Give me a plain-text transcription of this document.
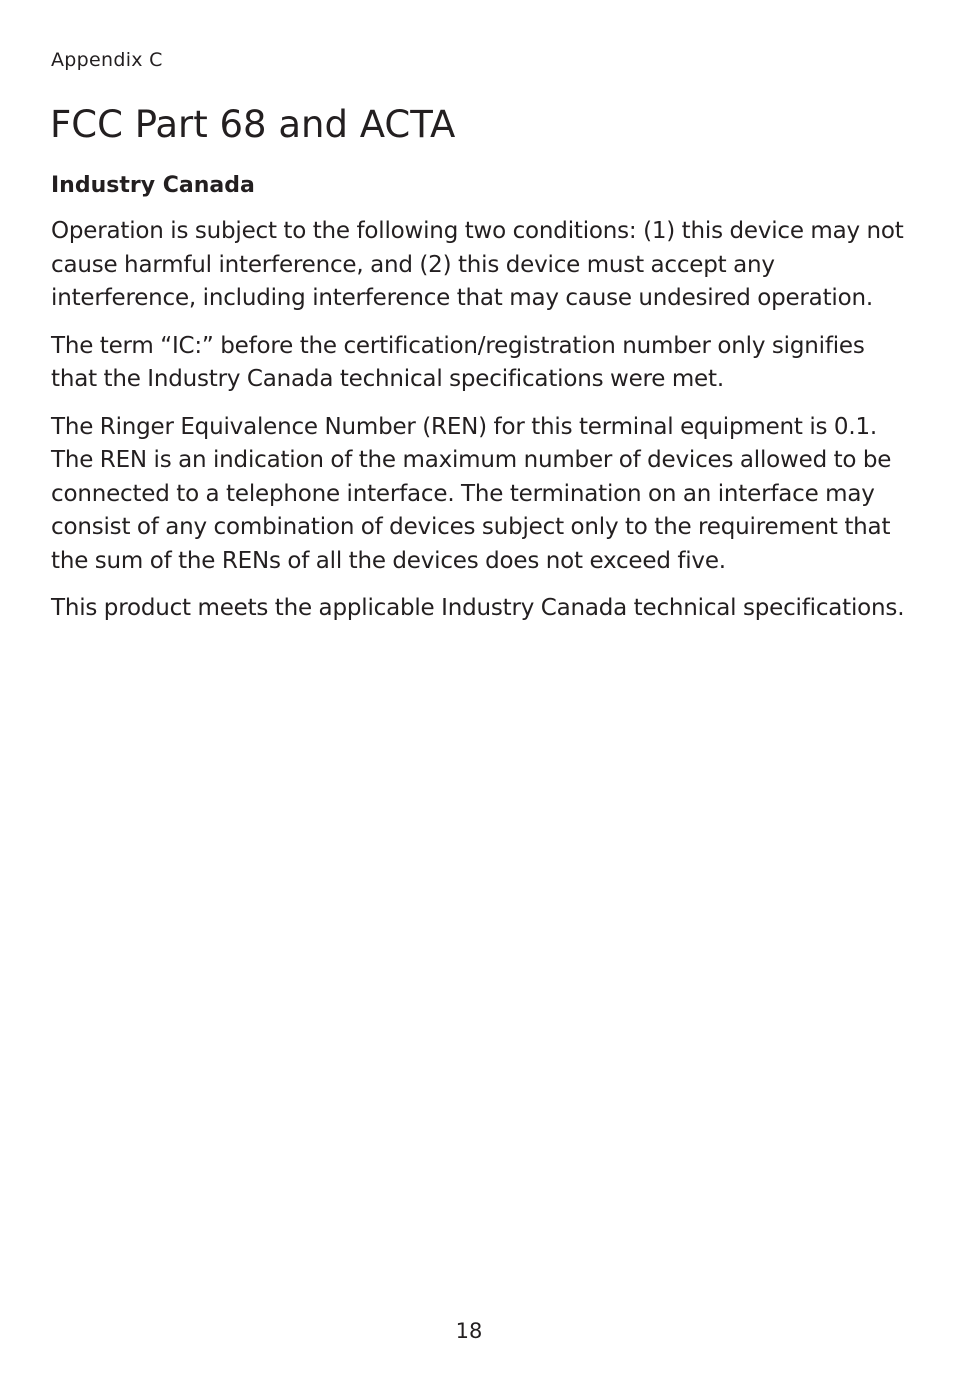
Appendix C
FCC Part 68 and ACTA
Industry Canada

Operation is subject to the following two conditions: (1) this device may not cause harmful interference, and (2) this device must accept any interference, including interference that may cause undesired operation.

The term “IC:” before the certification/registration number only signifies that the Industry Canada technical specifications were met.

The Ringer Equivalence Number (REN) for this terminal equipment is 0.1. The REN is an indication of the maximum number of devices allowed to be connected to a telephone interface. The termination on an interface may consist of any combination of devices subject only to the requirement that the sum of the RENs of all the devices does not exceed five.

This product meets the applicable Industry Canada technical specifications.

18
